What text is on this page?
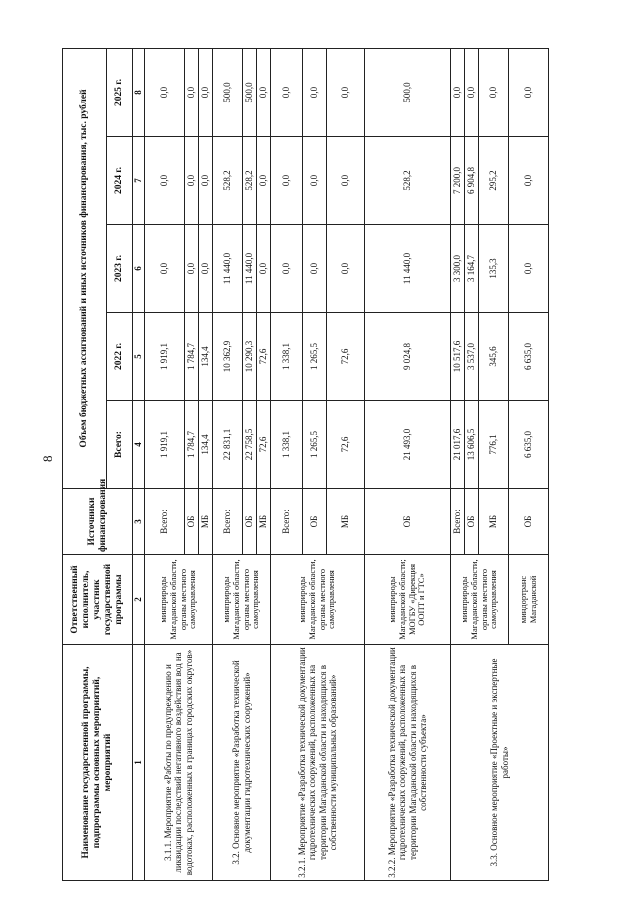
8
Наименование государственной программы, подпрограммы основных мероприятий, мероприятий	Ответственный исполнитель, участник государственной программы	Источники финансирования	Объем бюджетных ассигнований и иных источников финансирования, тыс. рублей				
			Всего:	2022 г.	2023 г.	2024 г.	2025 г.
1	2	3	4	5	6	7	8
3.1.1. Мероприятие «Работы по предупреждению и ликвидации последствий негативного воздействия вод на водотоках, расположенных в границах городских округов»	минприроды Магаданской области, органы местного самоуправления	Всего:	1 919,1	1 919,1	0,0	0,0	0,0
		ОБ	1 784,7	1 784,7	0,0	0,0	0,0
		МБ	134,4	134,4	0,0	0,0	0,0
3.2. Основное мероприятие «Разработка технической документации гидротехнических сооружений»	минприроды Магаданской области, органы местного самоуправления	Всего:	22 831,1	10 362,9	11 440,0	528,2	500,0
		ОБ	22 758,5	10 290,3	11 440,0	528,2	500,0
		МБ	72,6	72,6	0,0	0,0	0,0
3.2.1. Мероприятие «Разработка технической документации гидротехнических сооружений, расположенных на территории Магаданской области и находящихся в собственности муниципальных образований»	минприроды Магаданской области, органы местного самоуправления	Всего:	1 338,1	1 338,1	0,0	0,0	0,0
		ОБ	1 265,5	1 265,5	0,0	0,0	0,0
		МБ	72,6	72,6	0,0	0,0	0,0
3.2.2. Мероприятие «Разработка технической документации гидротехнических сооружений, расположенных на территории Магаданской области и находящихся в собственности субъекта»	минприроды Магаданской области; МОГБУ «Дирекция ООПТ и ГТС»	ОБ	21 493,0	9 024,8	11 440,0	528,2	500,0
3.3. Основное мероприятие «Проектные и экспертные работы»	минприроды Магаданской области, органы местного самоуправления	Всего:	21 017,6	10 517,6	3 300,0	7 200,0	0,0
		ОБ	13 606,5	3 537,0	3 164,7	6 904,8	0,0
		МБ	776,1	345,6	135,3	295,2	0,0
	миндортранс Магаданской	ОБ	6 635,0	6 635,0	0,0	0,0	0,0
